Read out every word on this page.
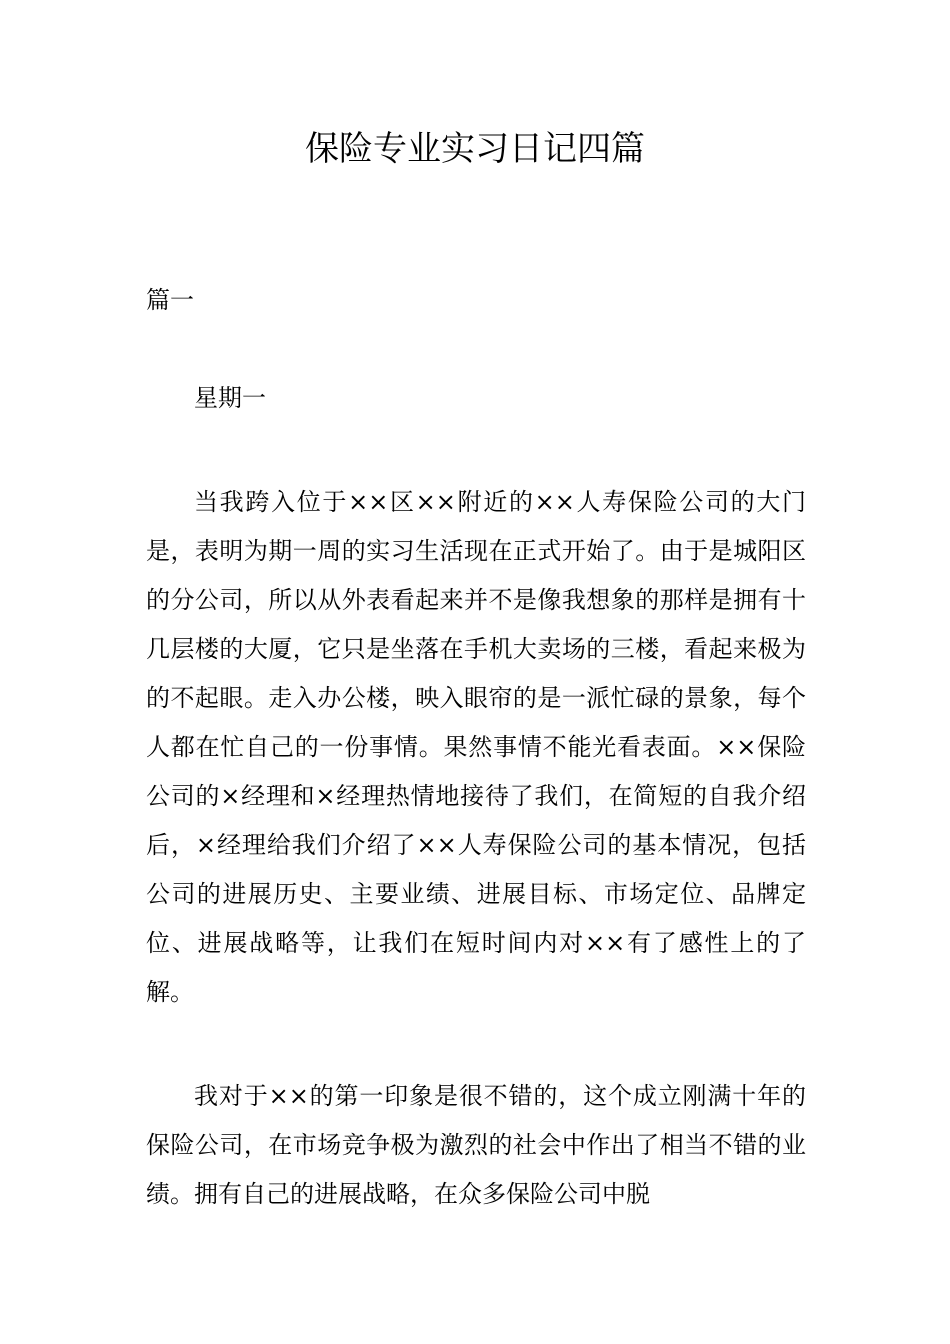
保险专业实习日记四篇

篇一

星期一

当我跨入位于××区××附近的××人寿保险公司的大门是，表明为期一周的实习生活现在正式开始了。由于是城阳区的分公司，所以从外表看起来并不是像我想象的那样是拥有十几层楼的大厦，它只是坐落在手机大卖场的三楼，看起来极为的不起眼。走入办公楼，映入眼帘的是一派忙碌的景象，每个人都在忙自己的一份事情。果然事情不能光看表面。××保险公司的×经理和×经理热情地接待了我们，在简短的自我介绍后，×经理给我们介绍了××人寿保险公司的基本情况，包括公司的进展历史、主要业绩、进展目标、市场定位、品牌定位、进展战略等，让我们在短时间内对××有了感性上的了解。

我对于××的第一印象是很不错的，这个成立刚满十年的保险公司，在市场竞争极为激烈的社会中作出了相当不错的业绩。拥有自己的进展战略，在众多保险公司中脱
